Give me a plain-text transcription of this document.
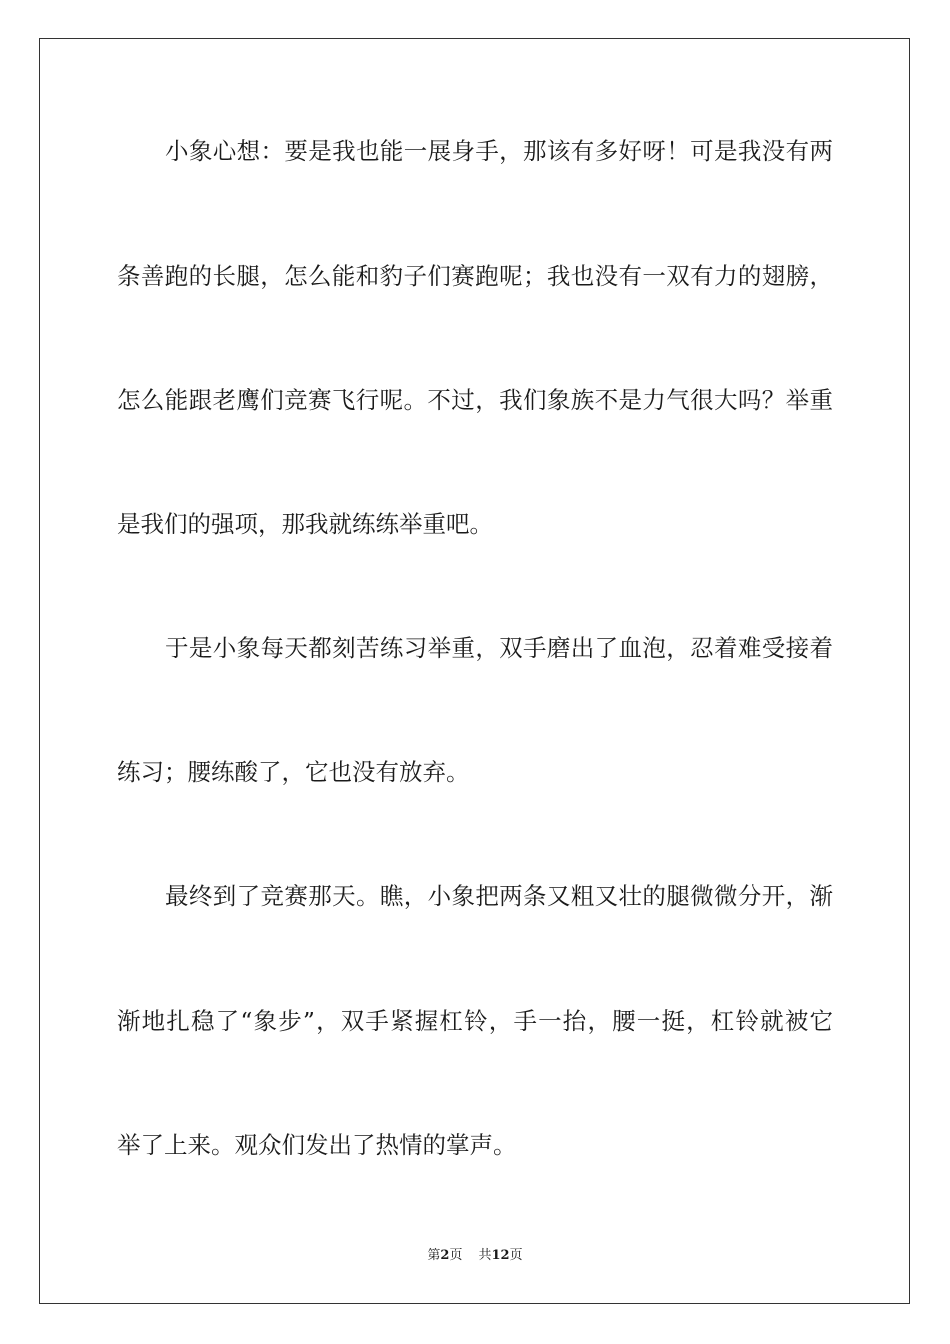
小象心想：要是我也能一展身手，那该有多好呀！可是我没有两
条善跑的长腿，怎么能和豹子们赛跑呢；我也没有一双有力的翅膀，
怎么能跟老鹰们竞赛飞行呢。不过，我们象族不是力气很大吗？举重
是我们的强项，那我就练练举重吧。
于是小象每天都刻苦练习举重，双手磨出了血泡，忍着难受接着
练习；腰练酸了，它也没有放弃。
最终到了竞赛那天。瞧，小象把两条又粗又壮的腿微微分开，渐
渐地扎稳了“象步”，双手紧握杠铃，手一抬，腰一挺，杠铃就被它
举了上来。观众们发出了热情的掌声。
第2页 共12页
